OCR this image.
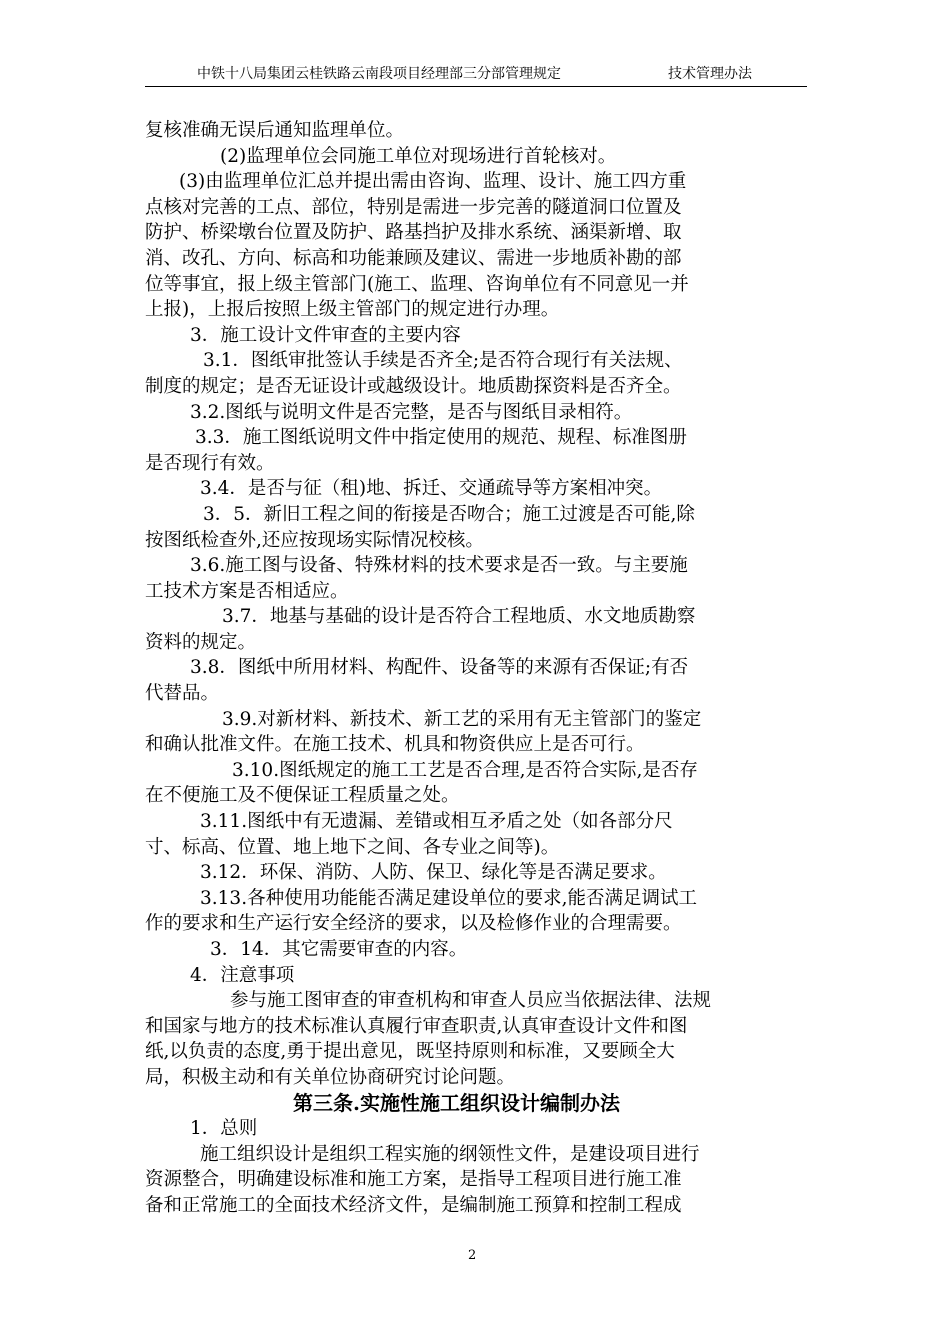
中铁十八局集团云桂铁路云南段项目经理部三分部管理规定	技术管理办法

复核准确无误后通知监理单位。

(2)监理单位会同施工单位对现场进行首轮核对。

(3)由监理单位汇总并提出需由咨询、监理、设计、施工四方重

点核对完善的工点、部位，特别是需进一步完善的隧道洞口位置及

防护、桥梁墩台位置及防护、路基挡护及排水系统、涵渠新增、取

消、改孔、方向、标高和功能兼顾及建议、需进一步地质补勘的部

位等事宜，报上级主管部门(施工、监理、咨询单位有不同意见一并

上报)，上报后按照上级主管部门的规定进行办理。

3．施工设计文件审查的主要内容

3.1．图纸审批签认手续是否齐全;是否符合现行有关法规、

制度的规定；是否无证设计或越级设计。地质勘探资料是否齐全。

3.2.图纸与说明文件是否完整，是否与图纸目录相符。

3.3．施工图纸说明文件中指定使用的规范、规程、标准图册

是否现行有效。

3.4．是否与征（租)地、拆迁、交通疏导等方案相冲突。

3．5．新旧工程之间的衔接是否吻合；施工过渡是否可能,除

按图纸检查外,还应按现场实际情况校核。

3.6.施工图与设备、特殊材料的技术要求是否一致。与主要施

工技术方案是否相适应。

3.7．地基与基础的设计是否符合工程地质、水文地质勘察

资料的规定。

3.8．图纸中所用材料、构配件、设备等的来源有否保证;有否

代替品。

3.9.对新材料、新技术、新工艺的采用有无主管部门的鉴定

和确认批准文件。在施工技术、机具和物资供应上是否可行。

3.10.图纸规定的施工工艺是否合理,是否符合实际,是否存

在不便施工及不便保证工程质量之处。

3.11.图纸中有无遗漏、差错或相互矛盾之处（如各部分尺

寸、标高、位置、地上地下之间、各专业之间等)。

3.12．环保、消防、人防、保卫、绿化等是否满足要求。

3.13.各种使用功能能否满足建设单位的要求,能否满足调试工

作的要求和生产运行安全经济的要求，以及检修作业的合理需要。

3．14．其它需要审查的内容。

4．注意事项

参与施工图审查的审查机构和审查人员应当依据法律、法规

和国家与地方的技术标准认真履行审查职责,认真审查设计文件和图

纸,以负责的态度,勇于提出意见，既坚持原则和标准，又要顾全大

局，积极主动和有关单位协商研究讨论问题。

第三条.实施性施工组织设计编制办法

1．总则

施工组织设计是组织工程实施的纲领性文件，是建设项目进行

资源整合，明确建设标准和施工方案，是指导工程项目进行施工准

备和正常施工的全面技术经济文件，是编制施工预算和控制工程成

2
